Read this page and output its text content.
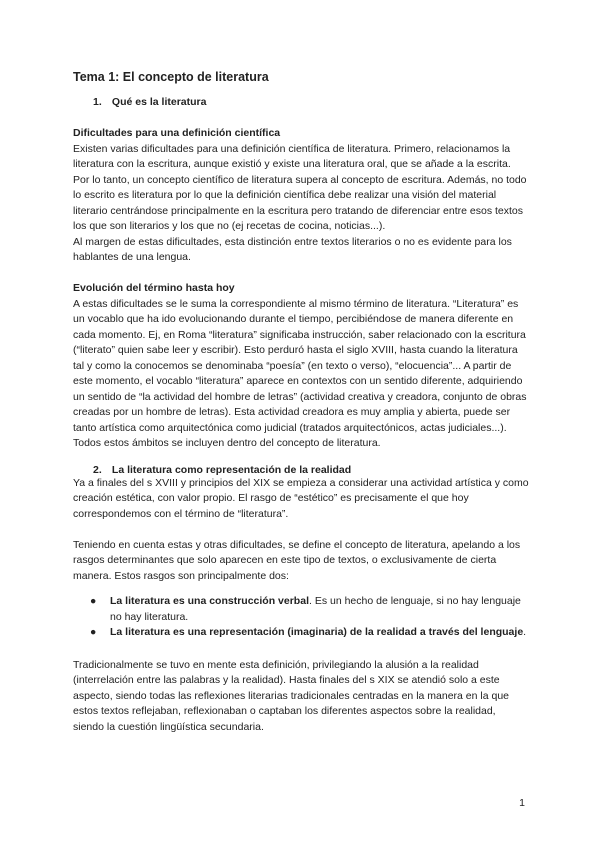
Tema 1: El concepto de literatura
1. Qué es la literatura
Dificultades para una definición científica

Existen varias dificultades para una definición científica de literatura. Primero, relacionamos la literatura con la escritura, aunque existió y existe una literatura oral, que se añade a la escrita. Por lo tanto, un concepto científico de literatura supera al concepto de escritura. Además, no todo lo escrito es literatura por lo que la definición científica debe realizar una visión del material literario centrándose principalmente en la escritura pero tratando de diferenciar entre esos textos los que son literarios y los que no (ej recetas de cocina, noticias...).

Al margen de estas dificultades, esta distinción entre textos literarios o no es evidente para los hablantes de una lengua.

Evolución del término hasta hoy

A estas dificultades se le suma la correspondiente al mismo término de literatura. “Literatura” es un vocablo que ha ido evolucionando durante el tiempo, percibiéndose de manera diferente en cada momento. Ej, en Roma “literatura” significaba instrucción, saber relacionado con la escritura (“literato” quien sabe leer y escribir). Esto perduró hasta el siglo XVIII, hasta cuando la literatura tal y como la conocemos se denominaba “poesía” (en texto o verso), “elocuencia”... A partir de este momento, el vocablo “literatura” aparece en contextos con un sentido diferente, adquiriendo un sentido de “la actividad del hombre de letras” (actividad creativa y creadora, conjunto de obras creadas por un hombre de letras). Esta actividad creadora es muy amplia y abierta, puede ser tanto artística como arquitectónica como judicial (tratados arquitectónicos, actas judiciales...). Todos estos ámbitos se incluyen dentro del concepto de literatura.

2. La literatura como representación de la realidad

Ya a finales del s XVIII y principios del XIX se empieza a considerar una actividad artística y como creación estética, con valor propio. El rasgo de “estético” es precisamente el que hoy correspondemos con el término de “literatura”.

Teniendo en cuenta estas y otras dificultades, se define el concepto de literatura, apelando a los rasgos determinantes que solo aparecen en este tipo de textos, o exclusivamente de cierta manera. Estos rasgos son principalmente dos:

● La literatura es una construcción verbal. Es un hecho de lenguaje, si no hay lenguaje no hay literatura.
● La literatura es una representación (imaginaria) de la realidad a través del lenguaje.

Tradicionalmente se tuvo en mente esta definición, privilegiando la alusión a la realidad (interrelación entre las palabras y la realidad). Hasta finales del s XIX se atendió solo a este aspecto, siendo todas las reflexiones literarias tradicionales centradas en la manera en la que estos textos reflejaban, reflexionaban o captaban los diferentes aspectos sobre la realidad, siendo la cuestión lingüística secundaria.

1
